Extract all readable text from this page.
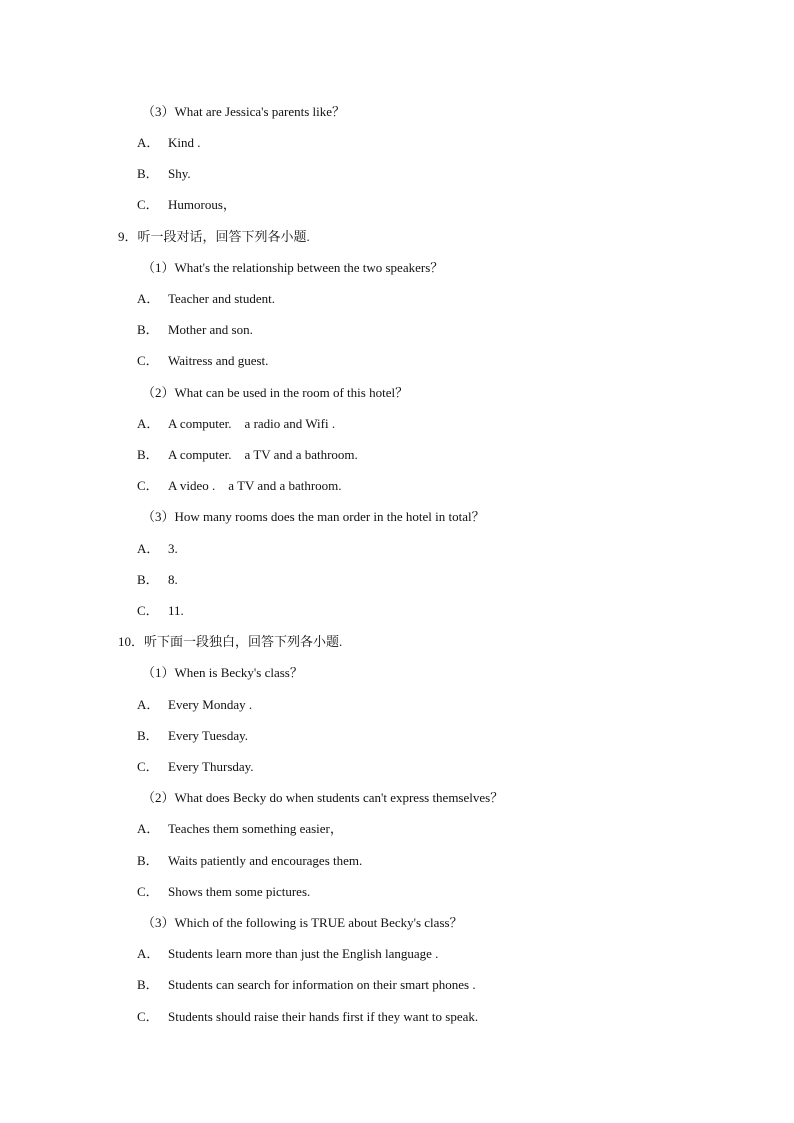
（3）What are Jessica's parents like？
A． Kind .
B． Shy.
C． Humorous，
9．听一段对话，回答下列各小题.
（1）What's the relationship between the two speakers？
A． Teacher and student.
B． Mother and son.
C． Waitress and guest.
（2）What can be used in the room of this hotel？
A． A computer.    a radio and Wifi .
B． A computer.    a TV and a bathroom.
C． A video .    a TV and a bathroom.
（3）How many rooms does the man order in the hotel in total？
A． 3.
B． 8.
C． 11.
10．听下面一段独白，回答下列各小题.
（1）When is Becky's class？
A． Every Monday .
B． Every Tuesday.
C． Every Thursday.
（2）What does Becky do when students can't express themselves？
A． Teaches them something easier，
B． Waits patiently and encourages them.
C． Shows them some pictures.
（3）Which of the following is TRUE about Becky's class？
A． Students learn more than just the English language .
B． Students can search for information on their smart phones .
C． Students should raise their hands first if they want to speak.
